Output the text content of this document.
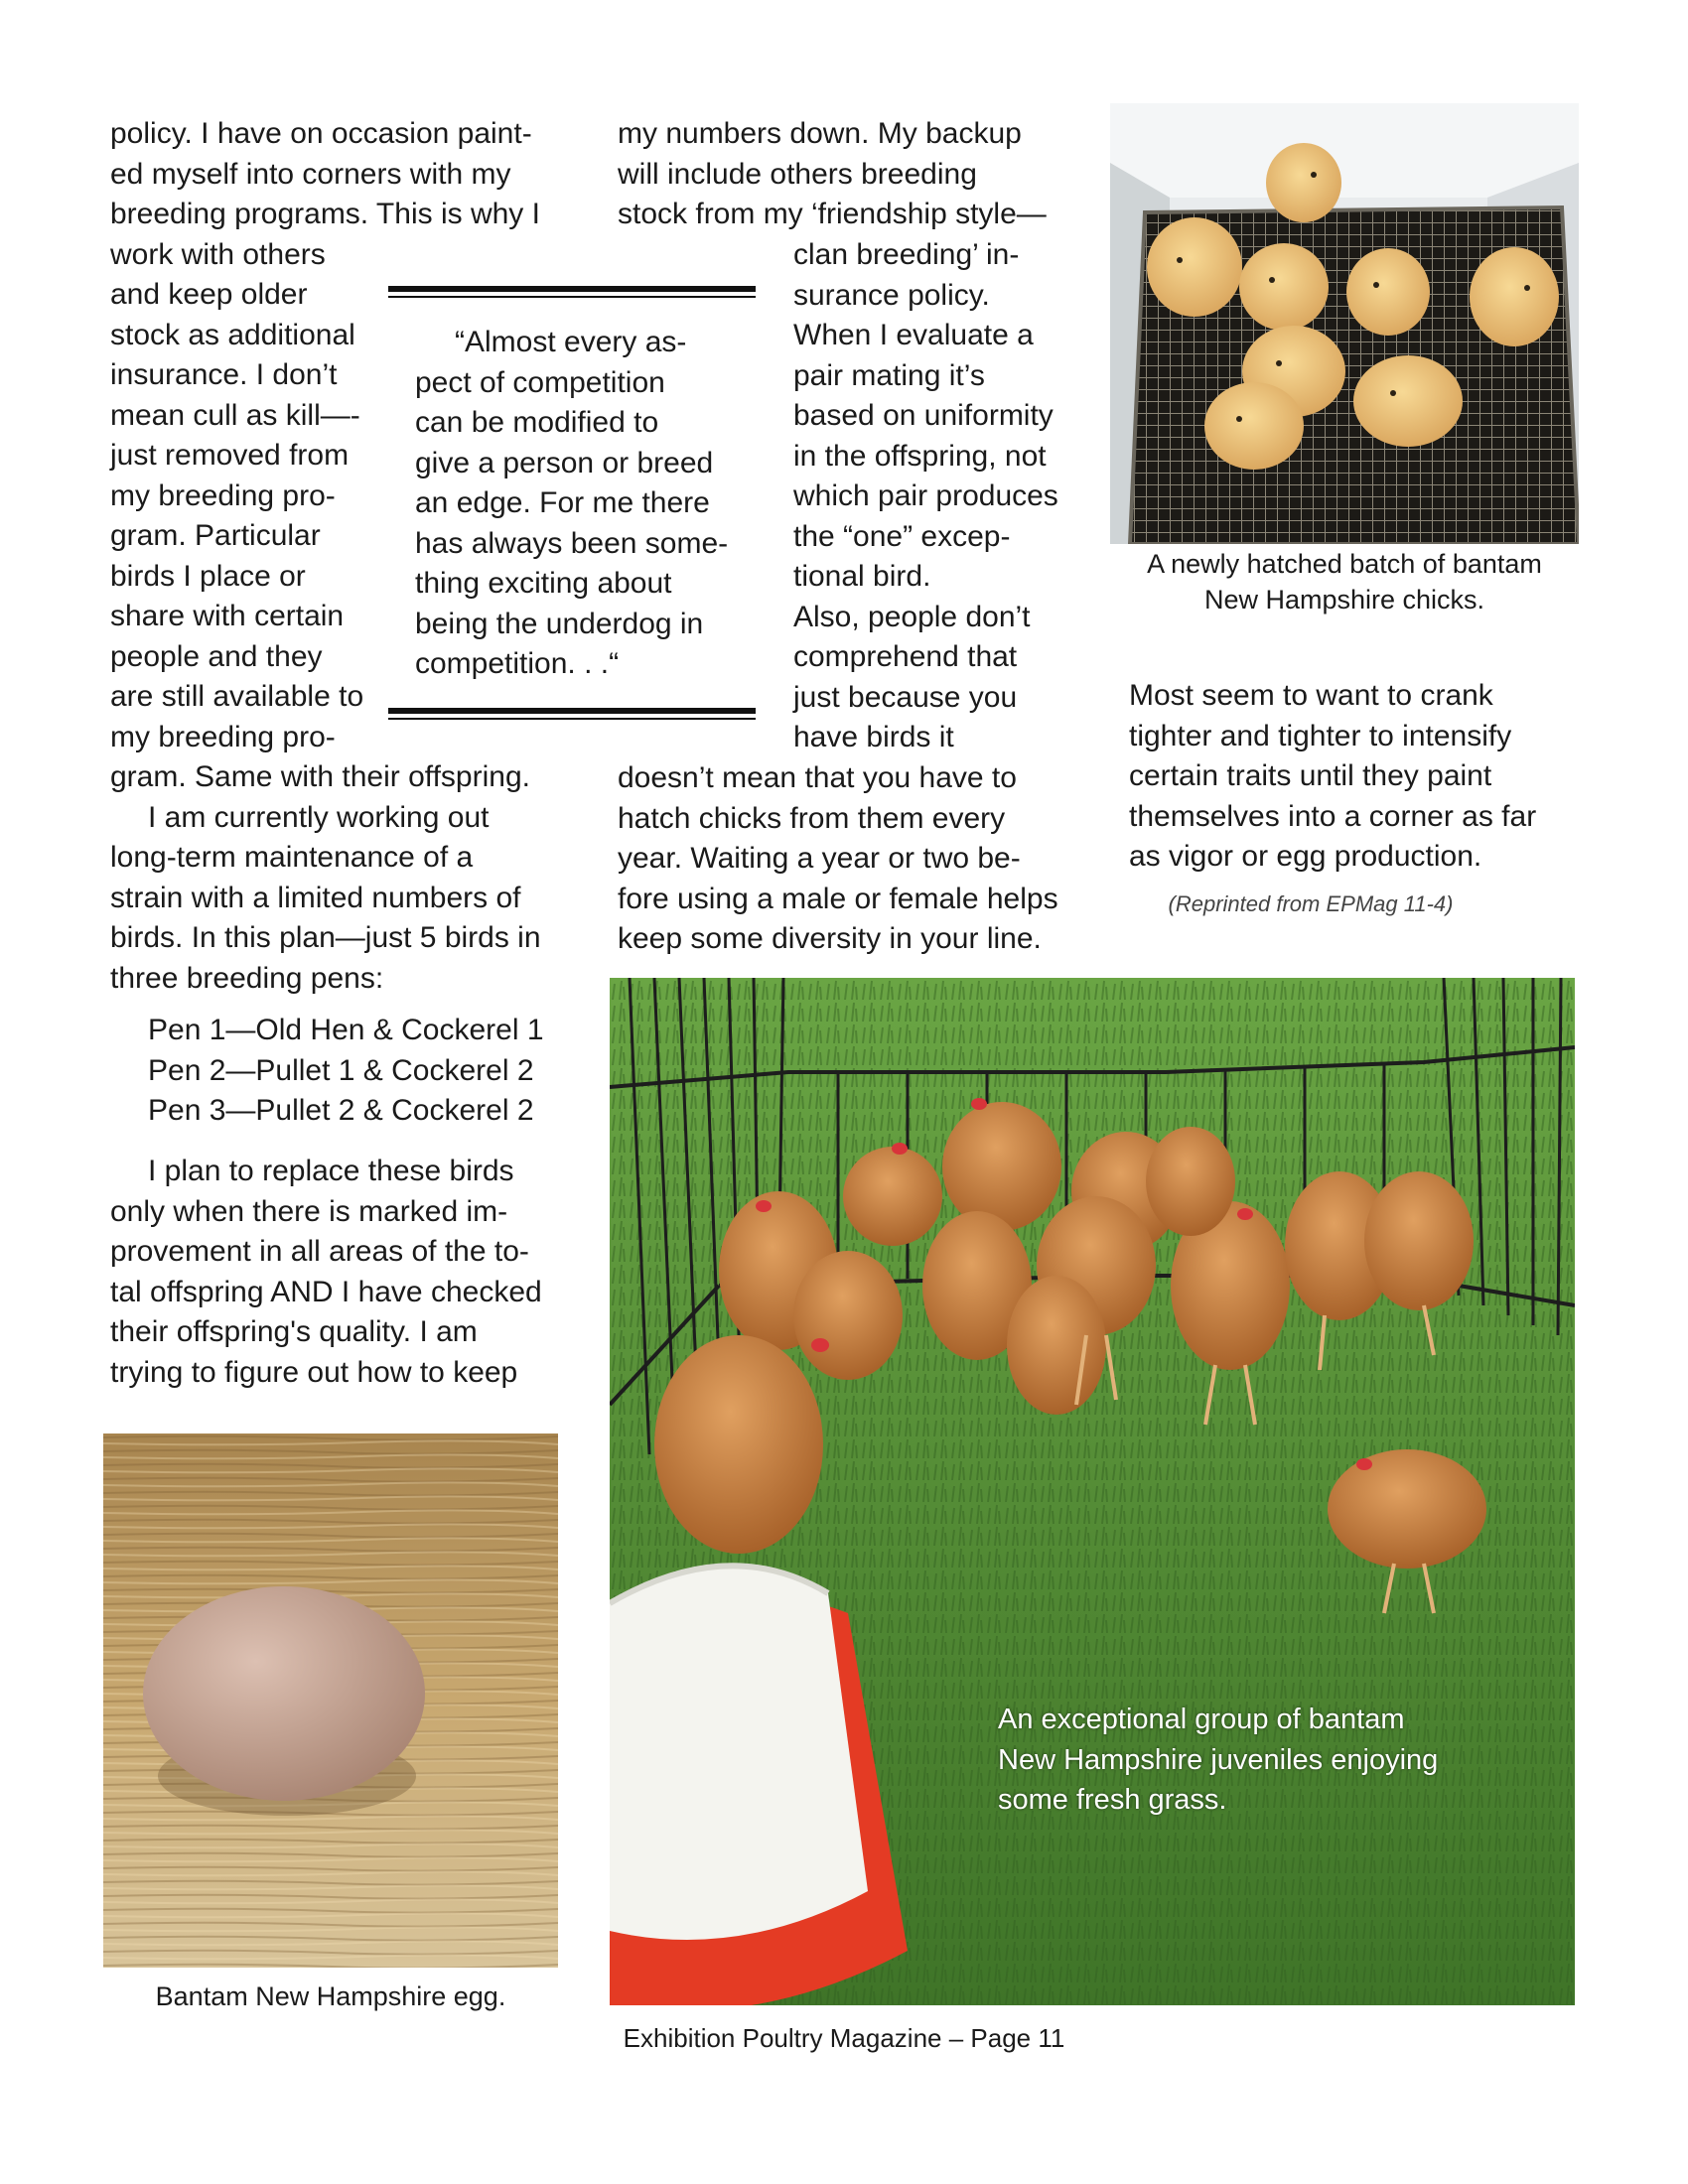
policy. I have on occasion paint-
ed myself into corners with my
breeding programs. This is why I
work with others
and keep older
stock as additional
insurance. I don’t
mean cull as kill—-
just removed from
my breeding pro-
gram. Particular
birds I place or
share with certain
people and they
are still available to
my breeding pro-
gram. Same with their offspring.
I am currently working out
long-term maintenance of a
strain with a limited numbers of
birds. In this plan—just 5 birds in
three breeding pens:
Pen 1—Old Hen & Cockerel 1
Pen 2—Pullet 1 & Cockerel 2
Pen 3—Pullet 2 & Cockerel 2
I plan to replace these birds
only when there is marked im-
provement in all areas of the to-
tal offspring AND I have checked
their offspring's quality. I am
trying to figure out how to keep
my numbers down. My backup
will include others breeding
stock from my ‘friendship style—
clan breeding’ in-
surance policy.
When I evaluate a
pair mating it’s
based on uniformity
in the offspring, not
which pair produces
the “one” excep-
tional bird.
Also, people don’t
comprehend that
just because you
have birds it
doesn’t mean that you have to
hatch chicks from them every
year. Waiting a year or two be-
fore using a male or female helps
keep some diversity in your line.
“Almost every as-
pect of competition
can be modified to
give a person or breed
an edge. For me there
has always been some-
thing exciting about
being the underdog in
competition. . .“
A newly hatched batch of bantam
New Hampshire chicks.
Most seem to want to crank
tighter and tighter to intensify
certain traits until they paint
themselves into a corner as far
as vigor or egg production.
(Reprinted from EPMag 11-4)
An exceptional group of bantam
New Hampshire juveniles enjoying
some fresh grass.
Bantam New Hampshire egg.
Exhibition Poultry Magazine – Page 11
